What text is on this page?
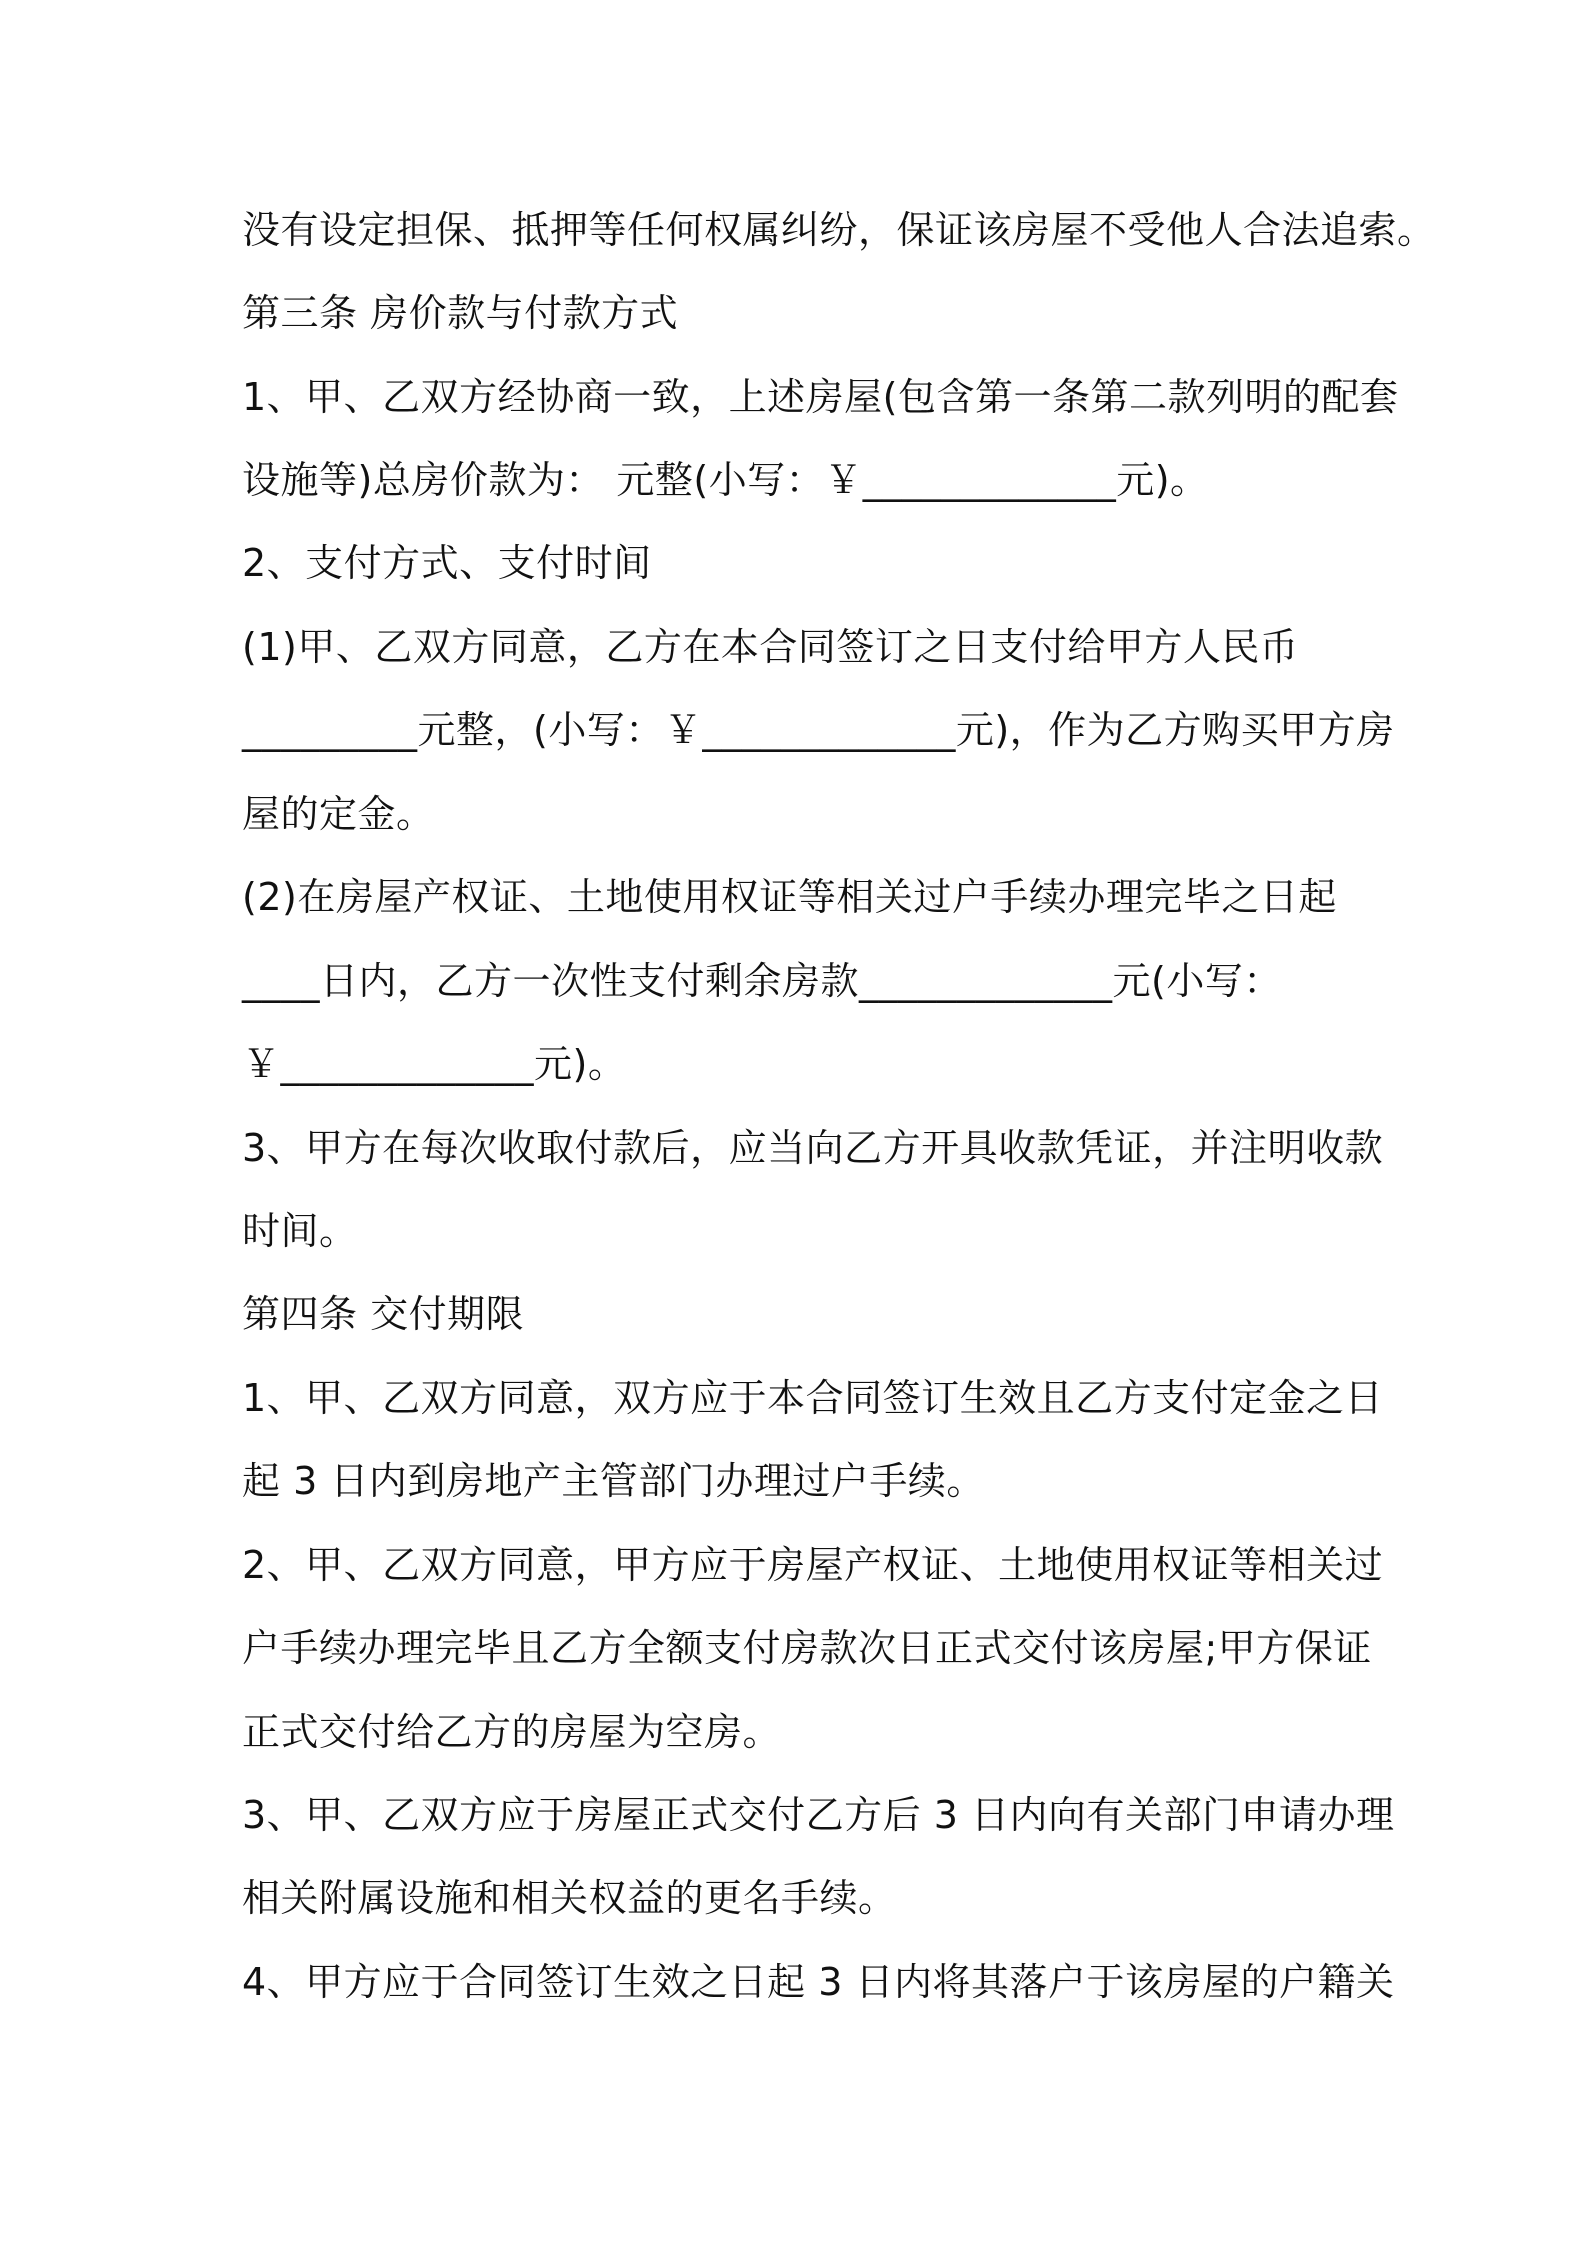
没有设定担保、抵押等任何权属纠纷，保证该房屋不受他人合法追索。
第三条 房价款与付款方式
1、甲、乙双方经协商一致，上述房屋(包含第一条第二款列明的配套
设施等)总房价款为： 元整(小写：￥_____________元)。
2、支付方式、支付时间
(1)甲、乙双方同意，乙方在本合同签订之日支付给甲方人民币
_________元整，(小写：￥_____________元)，作为乙方购买甲方房
屋的定金。
(2)在房屋产权证、土地使用权证等相关过户手续办理完毕之日起
____日内，乙方一次性支付剩余房款_____________元(小写：
￥_____________元)。
3、甲方在每次收取付款后，应当向乙方开具收款凭证，并注明收款
时间。
第四条 交付期限
1、甲、乙双方同意，双方应于本合同签订生效且乙方支付定金之日
起 3 日内到房地产主管部门办理过户手续。
2、甲、乙双方同意，甲方应于房屋产权证、土地使用权证等相关过
户手续办理完毕且乙方全额支付房款次日正式交付该房屋;甲方保证
正式交付给乙方的房屋为空房。
3、甲、乙双方应于房屋正式交付乙方后 3 日内向有关部门申请办理
相关附属设施和相关权益的更名手续。
4、甲方应于合同签订生效之日起 3 日内将其落户于该房屋的户籍关
